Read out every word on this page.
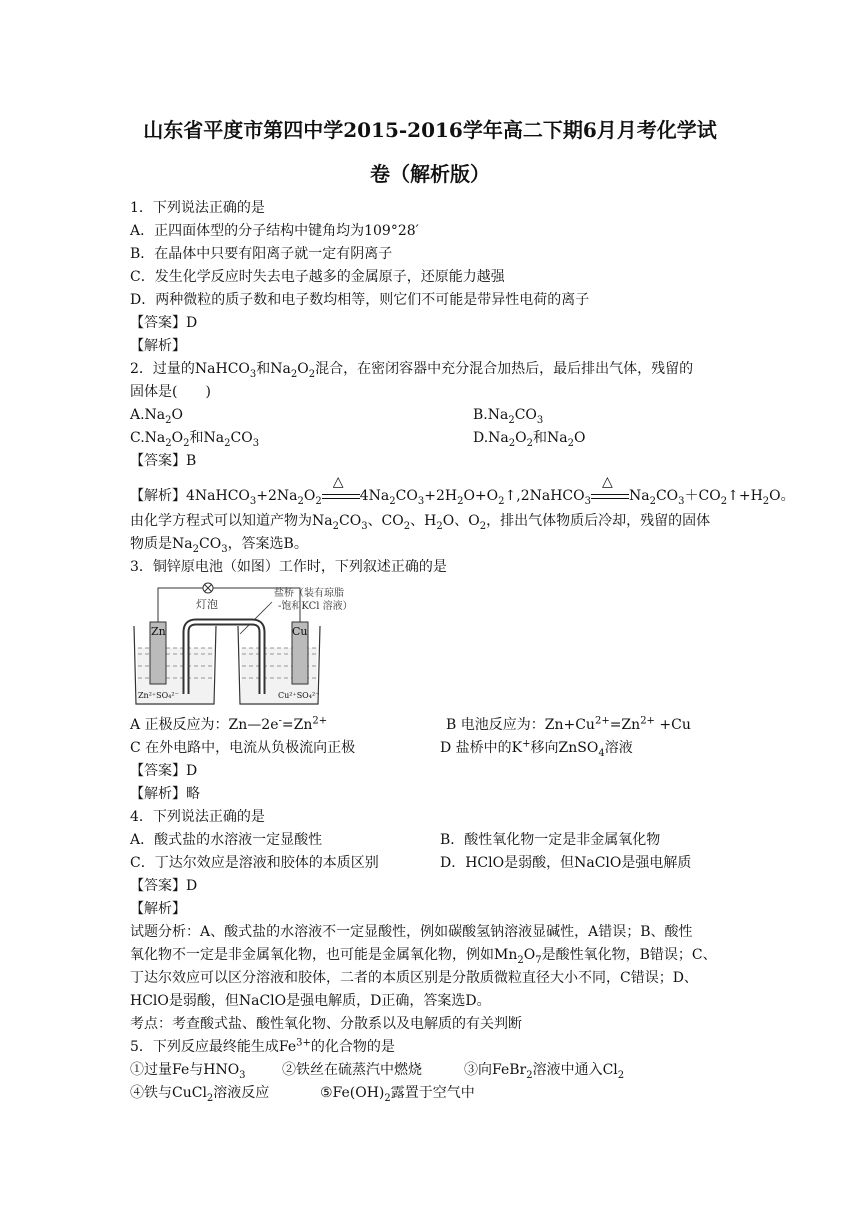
山东省平度市第四中学2015-2016学年高二下期6月月考化学试
卷（解析版）
1．下列说法正确的是
A．正四面体型的分子结构中键角均为109°28′
B．在晶体中只要有阳离子就一定有阴离子
C．发生化学反应时失去电子越多的金属原子，还原能力越强
D．两种微粒的质子数和电子数均相等，则它们不可能是带异性电荷的离子
【答案】D
【解析】
2．过量的NaHCO$_3$和$Na_2O_2$混合，在密闭容器中充分混合加热后，最后排出气体，残留的
固体是(　　)
$A.Na_2O$	$B.Na_2CO_3$
$C.Na_2O_2$和$Na_2CO_3$	$D.Na_2O_2$和$Na_2O$
【答案】B
【解析】$4NaHCO_3+2Na_2O_2$
△
$4Na_2CO_3+2H_2O+O_2↑,2NaHCO_3$
△
$Na_2CO_3+CO_2↑+H_2O$。
由化学方程式可以知道产物为$Na_2CO_3$、$CO_2$、$H_2O$、$O_2$，排出气体物质后冷却，残留的固体
物质是$Na_2CO_3$，答案选B。
3．铜锌原电池（如图）工作时，下列叙述正确的是
灯泡
盐桥（装有琼脂
-饱和KCl 溶液）
Zn	Cu
Zn²⁺SO₄²⁻	Cu²⁺SO₄²⁻
A 正极反应为：$Zn—2e^-=Zn^{2+}$	B 电池反应为：$Zn+Cu^{2+}=Zn^{2+} +Cu$
C 在外电路中，电流从负极流向正极	D 盐桥中的K+移向ZnSO$_4$溶液
【答案】D
【解析】略
4．下列说法正确的是
A．酸式盐的水溶液一定显酸性	B．酸性氧化物一定是非金属氧化物
C．丁达尔效应是溶液和胶体的本质区别	D．HClO是弱酸，但NaClO是强电解质
【答案】D
【解析】
试题分析：A、酸式盐的水溶液不一定显酸性，例如碳酸氢钠溶液显碱性，A错误；B、酸性
氧化物不一定是非金属氧化物，也可能是金属氧化物，例如$Mn_2O_7$是酸性氧化物，B错误；C、
丁达尔效应可以区分溶液和胶体，二者的本质区别是分散质微粒直径大小不同，C错误；D、
HClO是弱酸，但NaClO是强电解质，D正确，答案选D。
考点：考查酸式盐、酸性氧化物、分散系以及电解质的有关判断
5．下列反应最终能生成$Fe^{3+}$的化合物的是
①过量Fe与$HNO_3$	②铁丝在硫蒸汽中燃烧	③向FeBr$_2$溶液中通入$Cl_2$
④铁与CuCl$_2$溶液反应	$⑤Fe(OH)_2$露置于空气中
